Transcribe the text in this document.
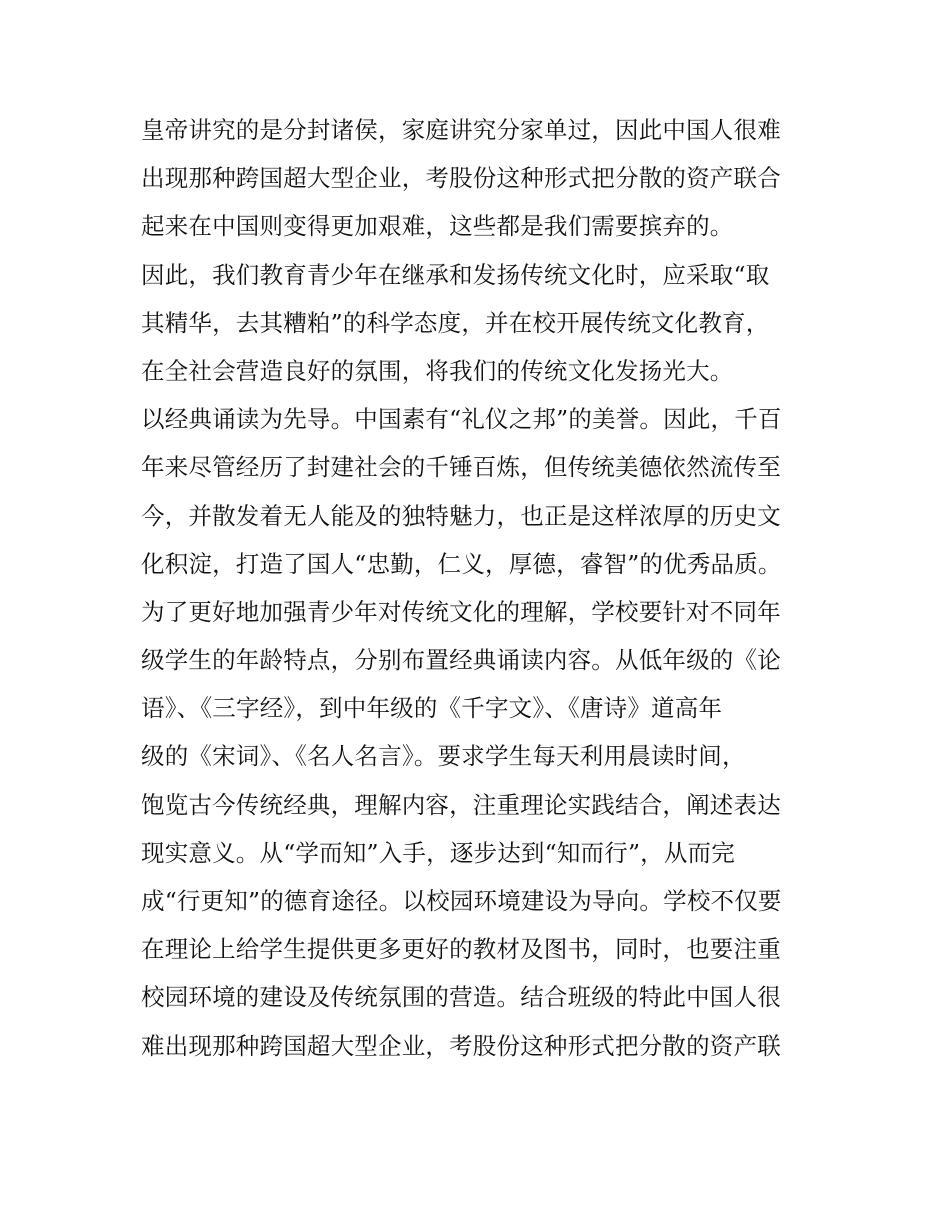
皇帝讲究的是分封诸侯，家庭讲究分家单过，因此中国人很难
出现那种跨国超大型企业，考股份这种形式把分散的资产联合
起来在中国则变得更加艰难，这些都是我们需要摈弃的。
因此，我们教育青少年在继承和发扬传统文化时，应采取“取
其精华，去其糟粕”的科学态度，并在校开展传统文化教育，
在全社会营造良好的氛围，将我们的传统文化发扬光大。
以经典诵读为先导。中国素有“礼仪之邦”的美誉。因此，千百
年来尽管经历了封建社会的千锤百炼，但传统美德依然流传至
今，并散发着无人能及的独特魅力，也正是这样浓厚的历史文
化积淀，打造了国人“忠勤，仁义，厚德，睿智”的优秀品质。
为了更好地加强青少年对传统文化的理解，学校要针对不同年
级学生的年龄特点，分别布置经典诵读内容。从低年级的《论
语》、《三字经》，到中年级的《千字文》、《唐诗》道高年
级的《宋词》、《名人名言》。要求学生每天利用晨读时间，
饱览古今传统经典，理解内容，注重理论实践结合，阐述表达
现实意义。从“学而知”入手，逐步达到“知而行”，从而完
成“行更知”的德育途径。以校园环境建设为导向。学校不仅要
在理论上给学生提供更多更好的教材及图书，同时，也要注重
校园环境的建设及传统氛围的营造。结合班级的特此中国人很
难出现那种跨国超大型企业，考股份这种形式把分散的资产联
